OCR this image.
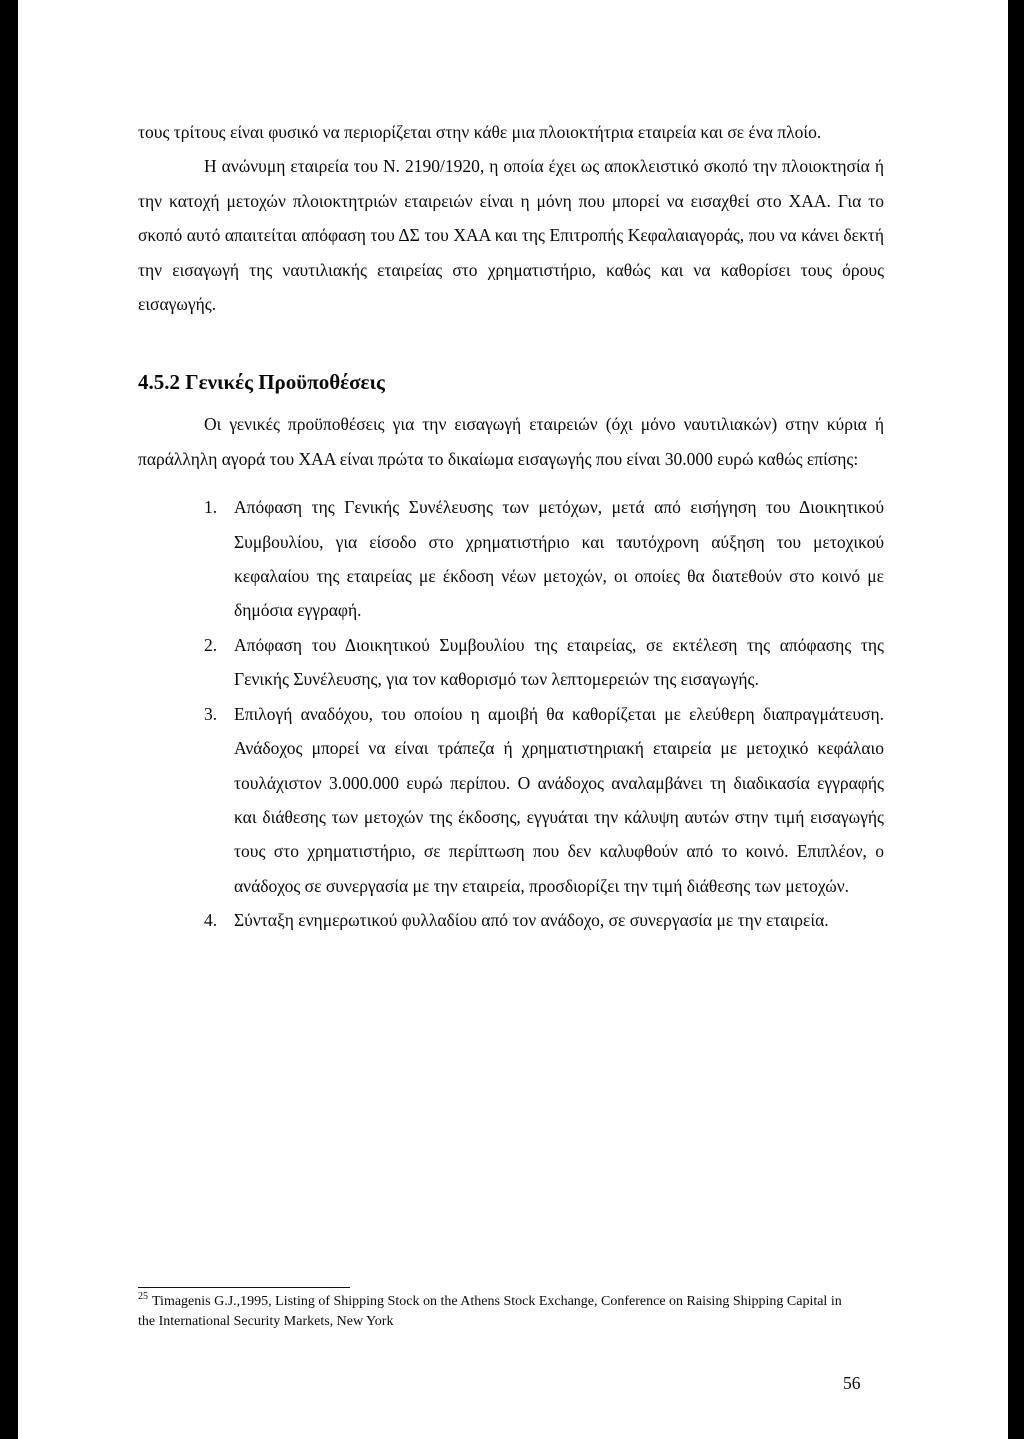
τους τρίτους είναι φυσικό να περιορίζεται στην κάθε μια πλοιοκτήτρια εταιρεία και σε ένα πλοίο.

Η ανώνυμη εταιρεία του Ν. 2190/1920, η οποία έχει ως αποκλειστικό σκοπό την πλοιοκτησία ή την κατοχή μετοχών πλοιοκτητριών εταιρειών είναι η μόνη που μπορεί να εισαχθεί στο ΧΑΑ. Για το σκοπό αυτό απαιτείται απόφαση του ΔΣ του ΧΑΑ και της Επιτροπής Κεφαλαιαγοράς, που να κάνει δεκτή την εισαγωγή της ναυτιλιακής εταιρείας στο χρηματιστήριο, καθώς και να καθορίσει τους όρους εισαγωγής.

4.5.2 Γενικές Προϋποθέσεις

Οι γενικές προϋποθέσεις για την εισαγωγή εταιρειών (όχι μόνο ναυτιλιακών) στην κύρια ή παράλληλη αγορά του ΧΑΑ είναι πρώτα το δικαίωμα εισαγωγής που είναι 30.000 ευρώ καθώς επίσης:

1. Απόφαση της Γενικής Συνέλευσης των μετόχων, μετά από εισήγηση του Διοικητικού Συμβουλίου, για είσοδο στο χρηματιστήριο και ταυτόχρονη αύξηση του μετοχικού κεφαλαίου της εταιρείας με έκδοση νέων μετοχών, οι οποίες θα διατεθούν στο κοινό με δημόσια εγγραφή.
2. Απόφαση του Διοικητικού Συμβουλίου της εταιρείας, σε εκτέλεση της απόφασης της Γενικής Συνέλευσης, για τον καθορισμό των λεπτομερειών της εισαγωγής.
3. Επιλογή αναδόχου, του οποίου η αμοιβή θα καθορίζεται με ελεύθερη διαπραγμάτευση. Ανάδοχος μπορεί να είναι τράπεζα ή χρηματιστηριακή εταιρεία με μετοχικό κεφάλαιο τουλάχιστον 3.000.000 ευρώ περίπου. Ο ανάδοχος αναλαμβάνει τη διαδικασία εγγραφής και διάθεσης των μετοχών της έκδοσης, εγγυάται την κάλυψη αυτών στην τιμή εισαγωγής τους στο χρηματιστήριο, σε περίπτωση που δεν καλυφθούν από το κοινό. Επιπλέον, ο ανάδοχος σε συνεργασία με την εταιρεία, προσδιορίζει την τιμή διάθεσης των μετοχών.
4. Σύνταξη ενημερωτικού φυλλαδίου από τον ανάδοχο, σε συνεργασία με την εταιρεία.

$^{25}$ Timagenis G.J.,1995, Listing of Shipping Stock on the Athens Stock Exchange, Conference on Raising Shipping Capital in the International Security Markets, New York

56
